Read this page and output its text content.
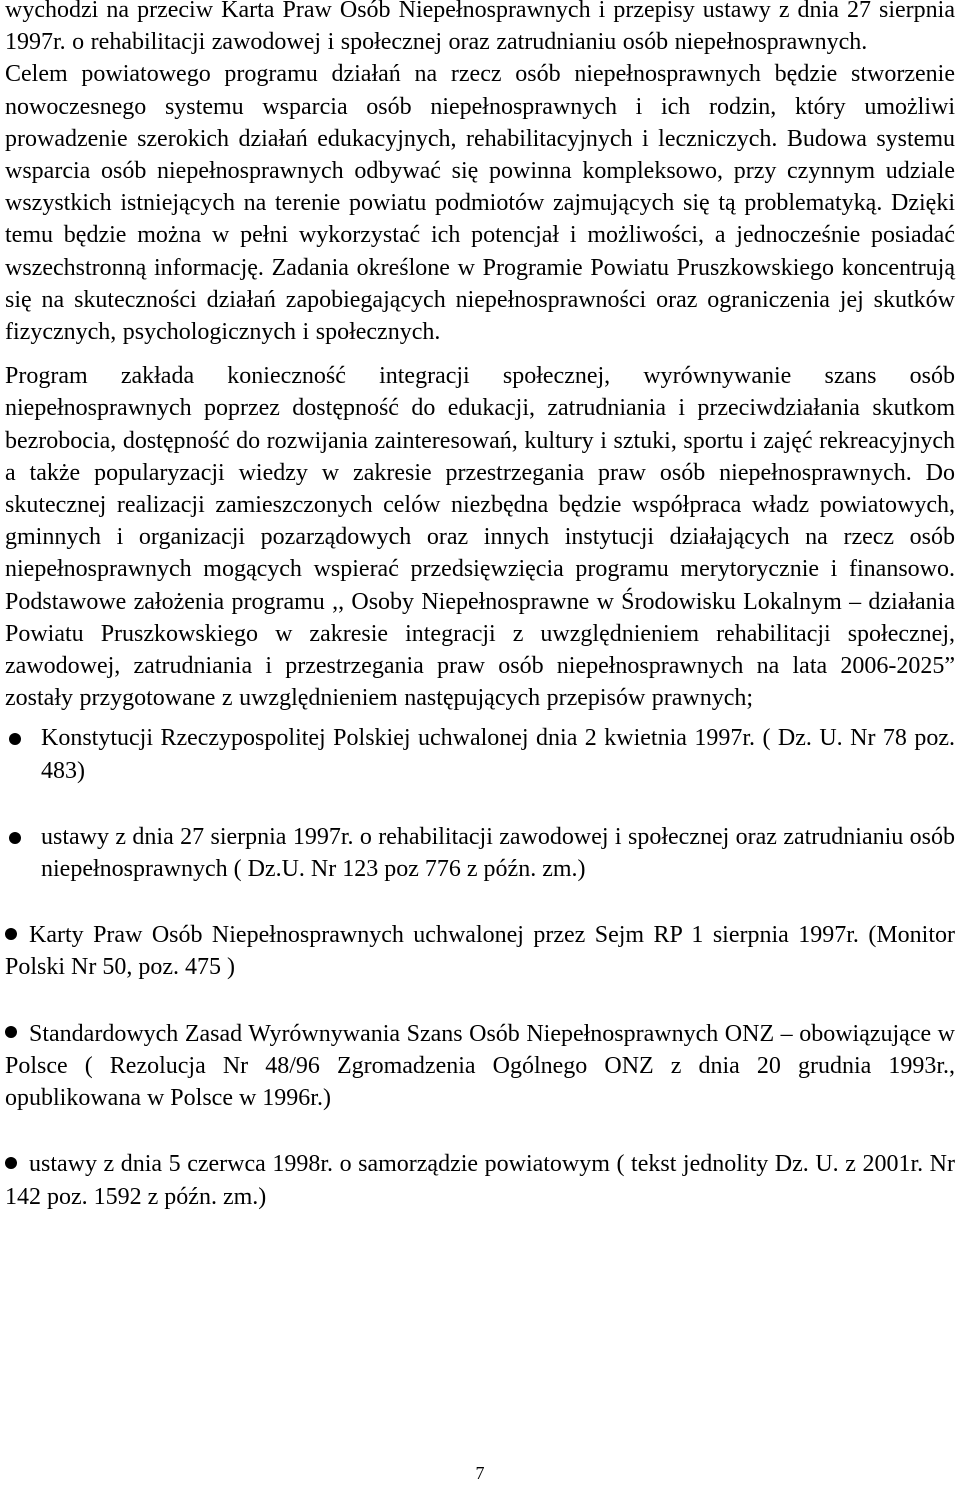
wychodzi na przeciw Karta Praw Osób Niepełnosprawnych i przepisy ustawy z dnia 27 sierpnia 1997r. o rehabilitacji zawodowej i społecznej oraz zatrudnianiu osób niepełnosprawnych.

Celem powiatowego programu działań na rzecz osób niepełnosprawnych będzie stworzenie nowoczesnego systemu wsparcia osób niepełnosprawnych i ich rodzin, który umożliwi prowadzenie szerokich działań edukacyjnych, rehabilitacyjnych i leczniczych. Budowa systemu wsparcia osób niepełnosprawnych odbywać się powinna kompleksowo, przy czynnym udziale wszystkich istniejących na terenie powiatu podmiotów zajmujących się tą problematyką. Dzięki temu będzie można w pełni wykorzystać ich potencjał i możliwości, a jednocześnie posiadać wszechstronną informację. Zadania określone w Programie Powiatu Pruszkowskiego koncentrują się na skuteczności działań zapobiegających niepełnosprawności oraz ograniczenia jej skutków fizycznych, psychologicznych i społecznych.

Program zakłada konieczność integracji społecznej, wyrównywanie szans osób niepełnosprawnych poprzez dostępność do edukacji, zatrudniania i przeciwdziałania skutkom bezrobocia, dostępność do rozwijania zainteresowań, kultury i sztuki, sportu i zajęć rekreacyjnych a także popularyzacji wiedzy w zakresie przestrzegania praw osób niepełnosprawnych. Do skutecznej realizacji zamieszczonych celów niezbędna będzie współpraca władz powiatowych, gminnych i organizacji pozarządowych oraz innych instytucji działających na rzecz osób niepełnosprawnych mogących wspierać przedsięwzięcia programu merytorycznie i finansowo. Podstawowe założenia programu ,, Osoby Niepełnosprawne w Środowisku Lokalnym – działania Powiatu Pruszkowskiego w zakresie integracji z uwzględnieniem rehabilitacji społecznej, zawodowej, zatrudniania i przestrzegania praw osób niepełnosprawnych na lata 2006-2025” zostały przygotowane z uwzględnieniem następujących przepisów prawnych;

Konstytucji Rzeczypospolitej Polskiej uchwalonej dnia 2 kwietnia 1997r. ( Dz. U. Nr 78 poz. 483)
ustawy z dnia 27 sierpnia 1997r. o rehabilitacji zawodowej i społecznej oraz zatrudnianiu osób niepełnosprawnych ( Dz.U. Nr 123 poz 776 z późn. zm.)
Karty Praw Osób Niepełnosprawnych uchwalonej przez Sejm RP 1 sierpnia 1997r. (Monitor Polski Nr 50, poz. 475 )
Standardowych Zasad Wyrównywania Szans Osób Niepełnosprawnych ONZ – obowiązujące w Polsce ( Rezolucja Nr 48/96 Zgromadzenia Ogólnego ONZ z dnia 20 grudnia 1993r., opublikowana w Polsce w 1996r.)
ustawy z dnia 5 czerwca 1998r. o samorządzie powiatowym ( tekst jednolity Dz. U. z 2001r. Nr 142 poz. 1592 z późn. zm.)
7
